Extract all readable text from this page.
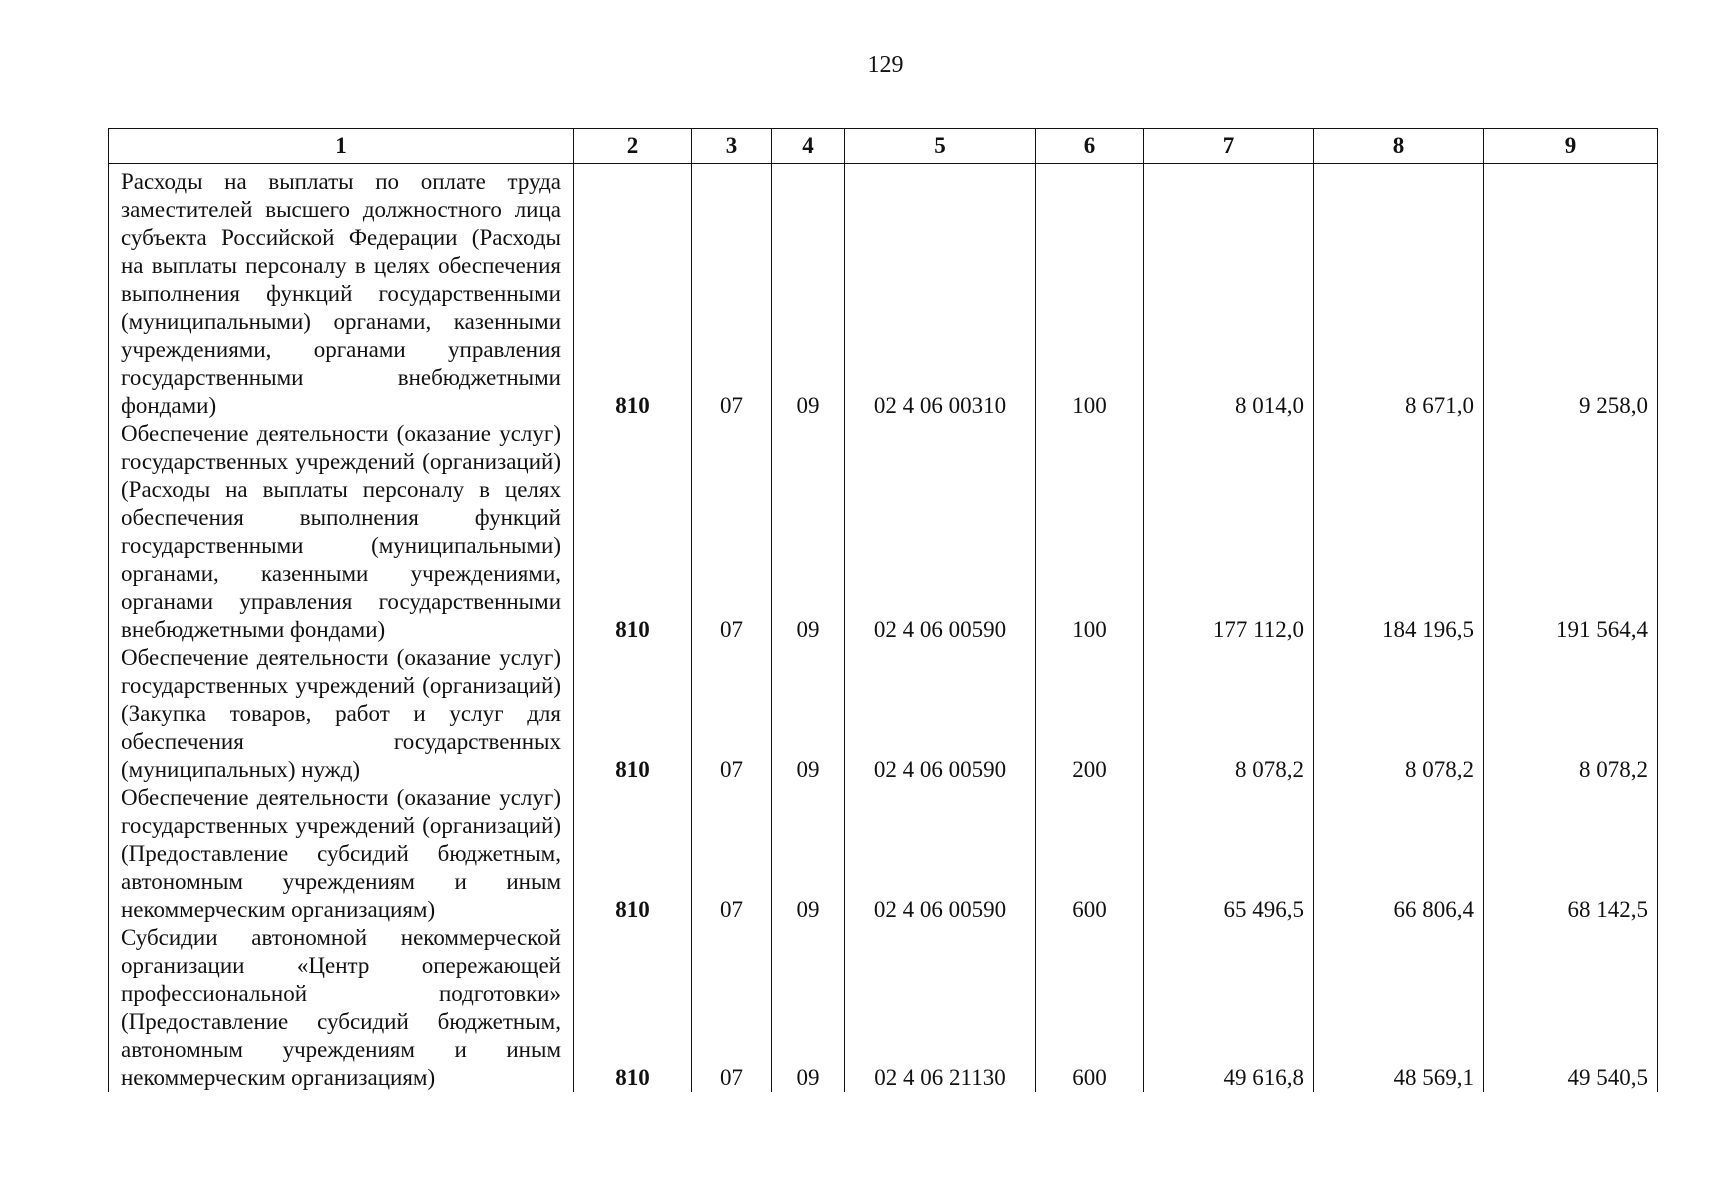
129
1	2	3	4	5	6	7	8	9
Расходы на выплаты по оплате труда заместителей высшего должностного лица субъекта Российской Федерации (Расходы на выплаты персоналу в целях обеспечения выполнения функций государственными (муниципальными) органами, казенными учреждениями, органами управления государственными внебюджетными фондами)	810	07	09	02 4 06 00310	100	8 014,0	8 671,0	9 258,0
Обеспечение деятельности (оказание услуг) государственных учреждений (организаций) (Расходы на выплаты персоналу в целях обеспечения выполнения функций государственными (муниципальными) органами, казенными учреждениями, органами управления государственными внебюджетными фондами)	810	07	09	02 4 06 00590	100	177 112,0	184 196,5	191 564,4
Обеспечение деятельности (оказание услуг) государственных учреждений (организаций) (Закупка товаров, работ и услуг для обеспечения государственных (муниципальных) нужд)	810	07	09	02 4 06 00590	200	8 078,2	8 078,2	8 078,2
Обеспечение деятельности (оказание услуг) государственных учреждений (организаций) (Предоставление субсидий бюджетным, автономным учреждениям и иным некоммерческим организациям)	810	07	09	02 4 06 00590	600	65 496,5	66 806,4	68 142,5
Субсидии автономной некоммерческой организации «Центр опережающей профессиональной подготовки» (Предоставление субсидий бюджетным, автономным учреждениям и иным некоммерческим организациям)	810	07	09	02 4 06 21130	600	49 616,8	48 569,1	49 540,5
